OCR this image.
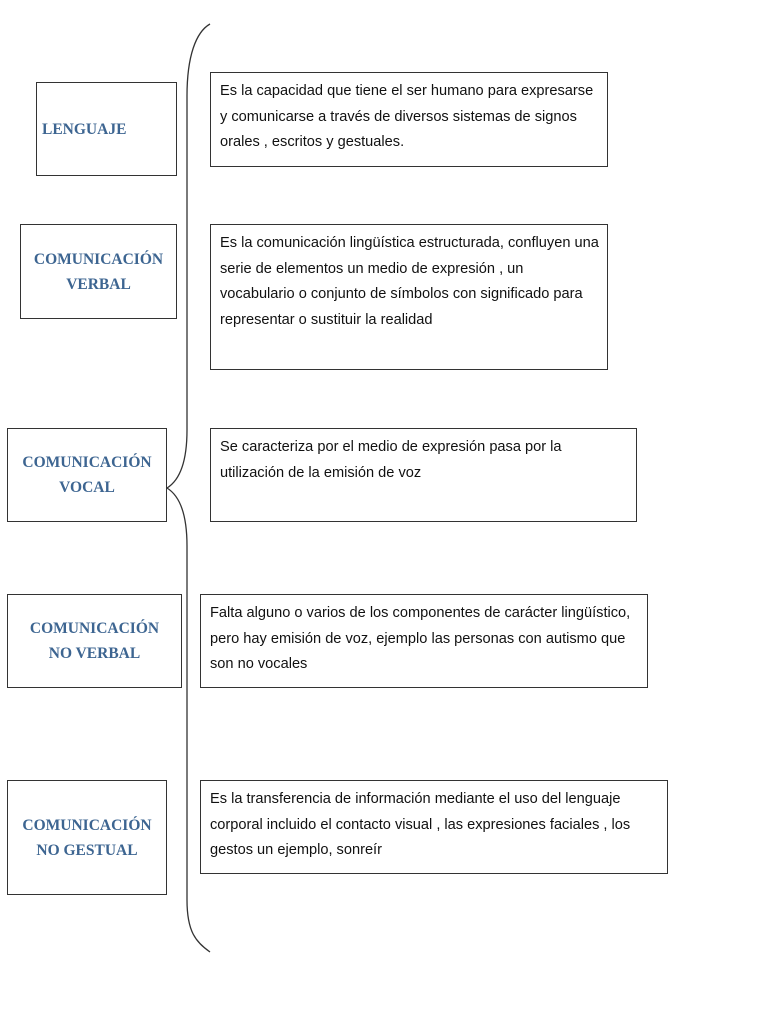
LENGUAJE
Es la capacidad que tiene el ser humano para expresarse y comunicarse a través de diversos sistemas de signos orales , escritos y gestuales.
COMUNICACIÓN
VERBAL
Es la comunicación lingüística estructurada, confluyen una serie de elementos un medio de expresión , un vocabulario o conjunto de símbolos con significado para representar o sustituir la realidad
COMUNICACIÓN
VOCAL
Se caracteriza por el medio de expresión pasa por la utilización de la emisión de voz
COMUNICACIÓN
NO VERBAL
Falta alguno o varios de los componentes de carácter lingüístico, pero hay emisión de voz, ejemplo las personas con autismo que son no vocales
COMUNICACIÓN
NO GESTUAL
Es la transferencia de información mediante el uso del lenguaje corporal incluido el contacto visual , las expresiones faciales , los gestos un ejemplo, sonreír
